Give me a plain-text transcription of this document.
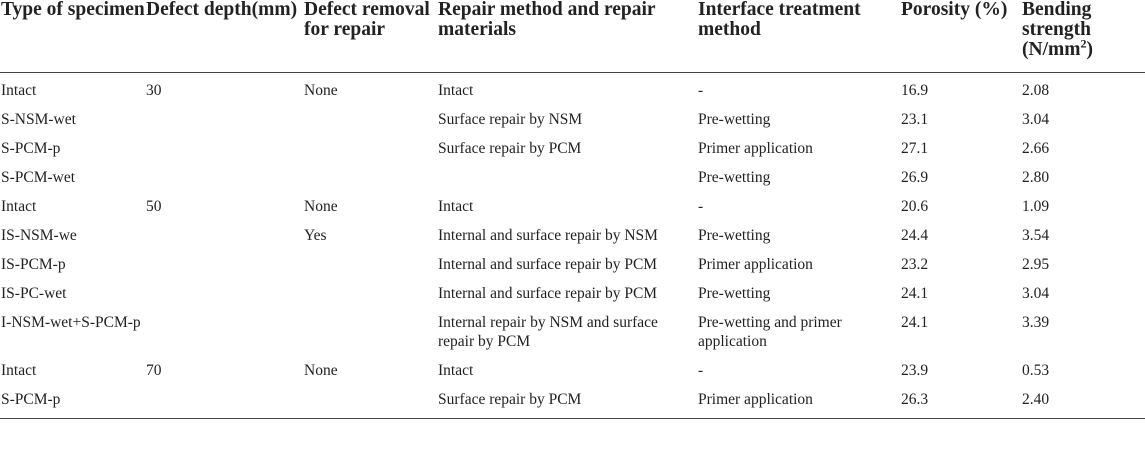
Type of specimen	Defect depth(mm)	Defect removal for repair	Repair method and repair materials	Interface treatment method	Porosity (%)	Bending strength $(N/mm^2)$
Intact	30	None	Intact	-	16.9	2.08
S-NSM-wet			Surface repair by NSM	Pre-wetting	23.1	3.04
S-PCM-p			Surface repair by PCM	Primer application	27.1	2.66
S-PCM-wet				Pre-wetting	26.9	2.80
Intact	50	None	Intact	-	20.6	1.09
IS-NSM-we		Yes	Internal and surface repair by NSM	Pre-wetting	24.4	3.54
IS-PCM-p			Internal and surface repair by PCM	Primer application	23.2	2.95
IS-PC-wet			Internal and surface repair by PCM	Pre-wetting	24.1	3.04
I-NSM-wet+S-PCM-p			Internal repair by NSM and surface repair by PCM	Pre-wetting and primer application	24.1	3.39
Intact	70	None	Intact	-	23.9	0.53
S-PCM-p			Surface repair by PCM	Primer application	26.3	2.40
